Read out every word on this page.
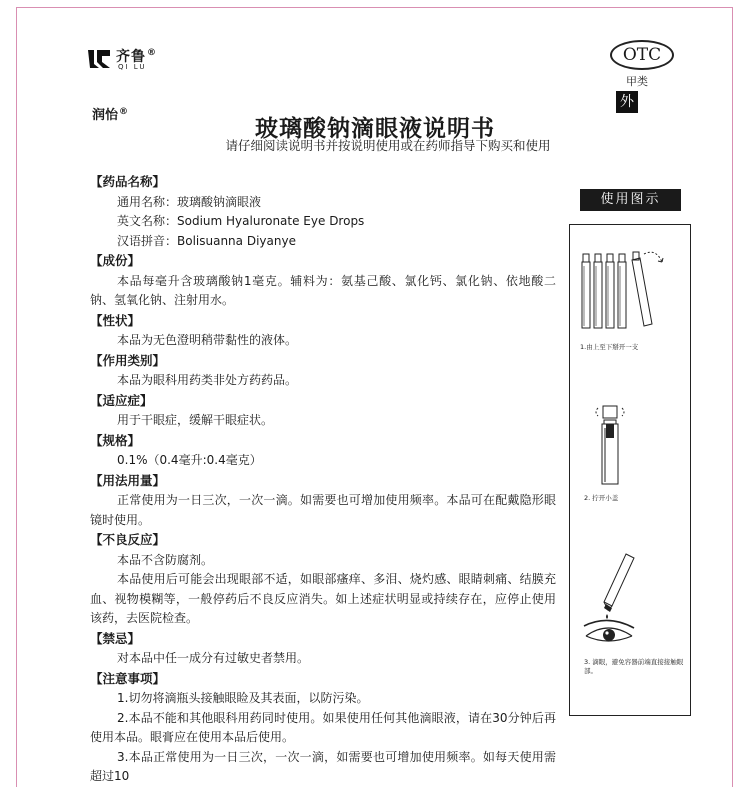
齐鲁®
QI LU
润怡®
OTC
甲类
外
玻璃酸钠滴眼液说明书
请仔细阅读说明书并按说明使用或在药师指导下购买和使用
【药品名称】
通用名称：玻璃酸钠滴眼液
英文名称：Sodium Hyaluronate Eye Drops
汉语拼音：Bolisuanna Diyanye
【成份】
本品每毫升含玻璃酸钠1毫克。辅料为：氨基己酸、氯化钙、氯化钠、依地酸二钠、氢氧化钠、注射用水。
【性状】
本品为无色澄明稍带黏性的液体。
【作用类别】
本品为眼科用药类非处方药药品。
【适应症】
用于干眼症，缓解干眼症状。
【规格】
0.1%（0.4毫升:0.4毫克）
【用法用量】
正常使用为一日三次，一次一滴。如需要也可增加使用频率。本品可在配戴隐形眼镜时使用。
【不良反应】
本品不含防腐剂。
本品使用后可能会出现眼部不适，如眼部瘙痒、多泪、烧灼感、眼睛刺痛、结膜充血、视物模糊等，一般停药后不良反应消失。如上述症状明显或持续存在，应停止使用该药，去医院检查。
【禁忌】
对本品中任一成分有过敏史者禁用。
【注意事项】
1.切勿将滴瓶头接触眼睑及其表面，以防污染。
2.本品不能和其他眼科用药同时使用。如果使用任何其他滴眼液，请在30分钟后再使用本品。眼膏应在使用本品后使用。
3.本品正常使用为一日三次，一次一滴，如需要也可增加使用频率。如每天使用需超过10
使用图示
1.由上至下掰开一支
2. 拧开小盖
3. 滴眼，避免容器前端直接接触眼部。
